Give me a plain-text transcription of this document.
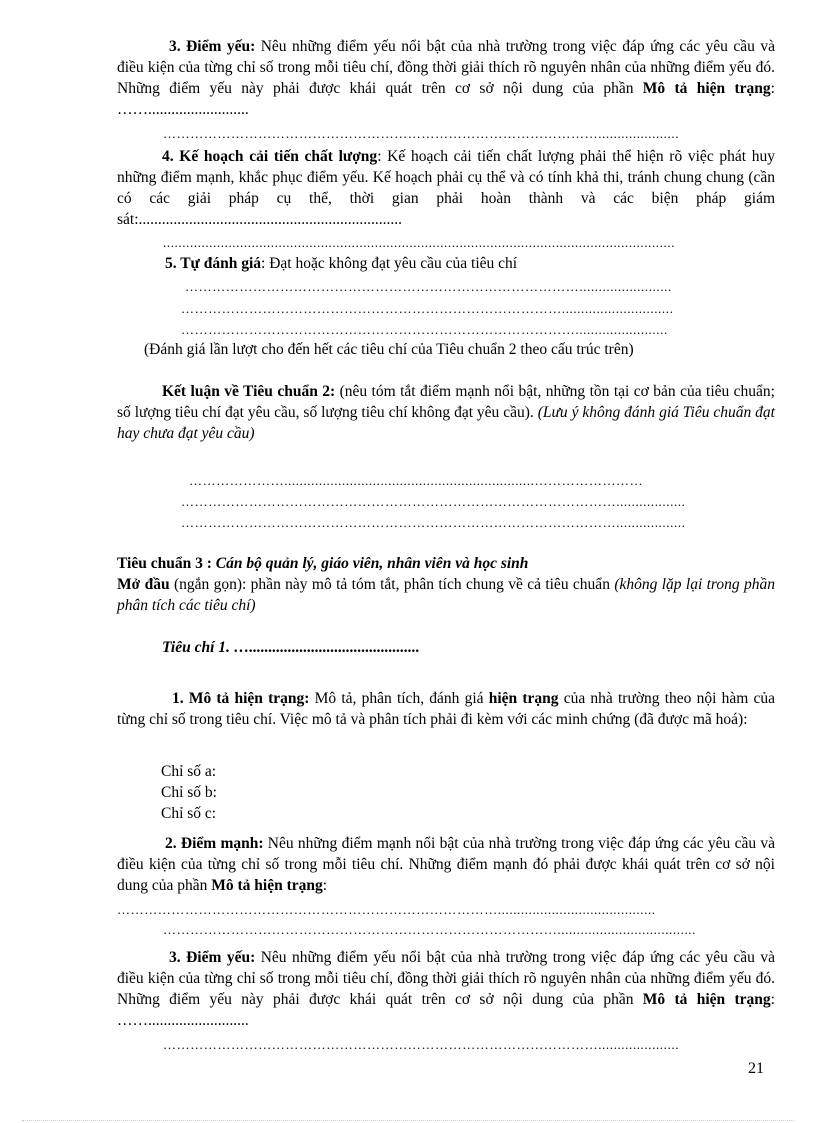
3. Điểm yếu: Nêu những điểm yếu nổi bật của nhà trường trong việc đáp ứng các yêu cầu và điều kiện của từng chỉ số trong mỗi tiêu chí, đồng thời giải thích rõ nguyên nhân của những điểm yếu đó. Những điểm yếu này phải được khái quát trên cơ sở nội dung của phần Mô tả hiện trạng: ……..........................
…………………………………………………………………………………….....................
4. Kế hoạch cải tiến chất lượng: Kế hoạch cải tiến chất lượng phải thể hiện rõ việc phát huy những điểm mạnh, khắc phục điểm yếu. Kế hoạch phải cụ thể và có tính khả thi, tránh chung chung (cần có các giải pháp cụ thể, thời gian phải hoàn thành và các biện pháp giám sát:....................................................................
.....................................................................................................................................
5. Tự đánh giá: Đạt hoặc không đạt yêu cầu của tiêu chí
……………………………………………………………………………........................
………………………………………………………………………….............................
……………………………………………………………………………........................
(Đánh giá lần lượt cho đến hết các tiêu chí của Tiêu chuẩn 2 theo cấu trúc trên)
Kết luận về Tiêu chuẩn 2: (nêu tóm tắt điểm mạnh nổi bật, những tồn tại cơ bản của tiêu chuẩn; số lượng tiêu chí đạt yêu cầu, số lượng tiêu chí không đạt yêu cầu). (Lưu ý không đánh giá Tiêu chuẩn đạt hay chưa đạt yêu cầu)
………………….................................................................……………………
……………………………………………………………………………………..................
……………………………………………………………………………………..................
Tiêu chuẩn 3 : Cán bộ quản lý, giáo viên, nhân viên và học sinh
Mở đầu (ngắn gọn): phần này mô tả tóm tắt, phân tích chung về cả tiêu chuẩn (không lặp lại trong phần phân tích các tiêu chí)
Tiêu chí 1. …............................................
1. Mô tả hiện trạng: Mô tả, phân tích, đánh giá hiện trạng của nhà trường theo nội hàm của từng chỉ số trong tiêu chí. Việc mô tả và phân tích phải đi kèm với các minh chứng (đã được mã hoá):
Chỉ số a:
Chỉ số b:
Chỉ số c:
2. Điểm mạnh: Nêu những điểm mạnh nổi bật của nhà trường trong việc đáp ứng các yêu cầu và điều kiện của từng chỉ số trong mỗi tiêu chí. Những điểm mạnh đó phải được khái quát trên cơ sở nội dung của phần Mô tả hiện trạng:
………………………………………………………………………….........................................
……………………………………………………………………………....................................
3. Điểm yếu: Nêu những điểm yếu nổi bật của nhà trường trong việc đáp ứng các yêu cầu và điều kiện của từng chỉ số trong mỗi tiêu chí, đồng thời giải thích rõ nguyên nhân của những điểm yếu đó. Những điểm yếu này phải được khái quát trên cơ sở nội dung của phần Mô tả hiện trạng: ……..........................
…………………………………………………………………………………….....................
21
